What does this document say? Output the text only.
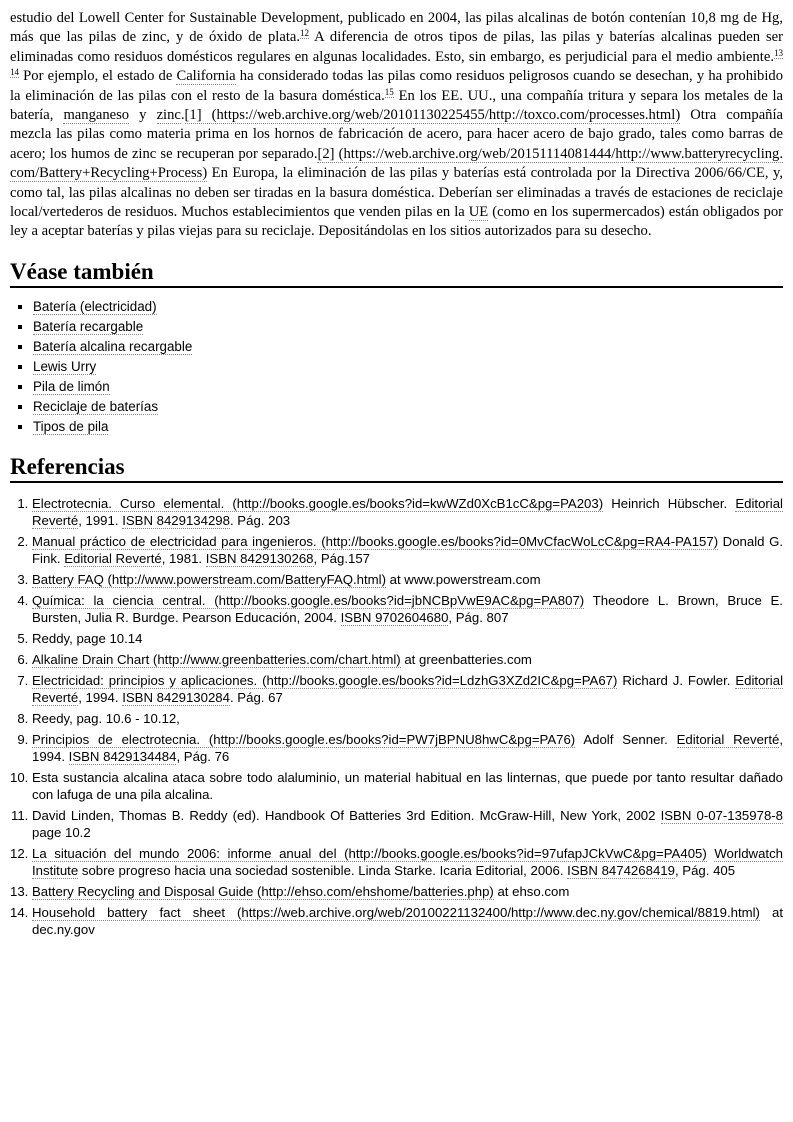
estudio del Lowell Center for Sustainable Development, publicado en 2004, las pilas alcalinas de botón contenían 10,8 mg de Hg, más que las pilas de zinc, y de óxido de plata.$^{12}$ A diferencia de otros tipos de pilas, las pilas y baterías alcalinas pueden ser eliminadas como residuos domésticos regulares en algunas localidades. Esto, sin embargo, es perjudicial para el medio ambiente.$^{13}$ $^{14}$ Por ejemplo, el estado de California ha considerado todas las pilas como residuos peligrosos cuando se desechan, y ha prohibido la eliminación de las pilas con el resto de la basura doméstica.$^{15}$ En los EE. UU., una compañía tritura y separa los metales de la batería, manganeso y zinc.[1] (https://web.archive.org/web/20101130225455/http://toxco.com/processes.html) Otra compañía mezcla las pilas como materia prima en los hornos de fabricación de acero, para hacer acero de bajo grado, tales como barras de acero; los humos de zinc se recuperan por separado.[2] (https://web.archive.org/web/20151114081444/http://www.batteryrecycling.com/Battery+Recycling+Process) En Europa, la eliminación de las pilas y baterías está controlada por la Directiva 2006/66/CE, y, como tal, las pilas alcalinas no deben ser tiradas en la basura doméstica. Deberían ser eliminadas a través de estaciones de reciclaje local/vertederos de residuos. Muchos establecimientos que venden pilas en la UE (como en los supermercados) están obligados por ley a aceptar baterías y pilas viejas para su reciclaje. Depositándolas en los sitios autorizados para su desecho.

Véase también
▪ Batería (electricidad)
▪ Batería recargable
▪ Batería alcalina recargable
▪ Lewis Urry
▪ Pila de limón
▪ Reciclaje de baterías
▪ Tipos de pila
Referencias
1. Electrotecnia. Curso elemental. (http://books.google.es/books?id=kwWZd0XcB1cC&pg=PA203) Heinrich Hübscher. Editorial Reverté, 1991. ISBN 8429134298. Pág. 203
2. Manual práctico de electricidad para ingenieros. (http://books.google.es/books?id=0MvCfacWoLcC&pg=RA4-PA157) Donald G. Fink. Editorial Reverté, 1981. ISBN 8429130268, Pág.157
3. Battery FAQ (http://www.powerstream.com/BatteryFAQ.html) at www.powerstream.com
4. Química: la ciencia central. (http://books.google.es/books?id=jbNCBpVwE9AC&pg=PA807) Theodore L. Brown, Bruce E. Bursten, Julia R. Burdge. Pearson Educación, 2004. ISBN 9702604680, Pág. 807
5. Reddy, page 10.14
6. Alkaline Drain Chart (http://www.greenbatteries.com/chart.html) at greenbatteries.com
7. Electricidad: principios y aplicaciones. (http://books.google.es/books?id=LdzhG3XZd2IC&pg=PA67) Richard J. Fowler. Editorial Reverté, 1994. ISBN 8429130284. Pág. 67
8. Reedy, pag. 10.6 - 10.12,
9. Principios de electrotecnia. (http://books.google.es/books?id=PW7jBPNU8hwC&pg=PA76) Adolf Senner. Editorial Reverté, 1994. ISBN 8429134484, Pág. 76
10. Esta sustancia alcalina ataca sobre todo alaluminio, un material habitual en las linternas, que puede por tanto resultar dañado con lafuga de una pila alcalina.
11. David Linden, Thomas B. Reddy (ed). Handbook Of Batteries 3rd Edition. McGraw-Hill, New York, 2002 ISBN 0-07-135978-8 page 10.2
12. La situación del mundo 2006: informe anual del (http://books.google.es/books?id=97ufapJCkVwC&pg=PA405) Worldwatch Institute sobre progreso hacia una sociedad sostenible. Linda Starke. Icaria Editorial, 2006. ISBN 8474268419, Pág. 405
13. Battery Recycling and Disposal Guide (http://ehso.com/ehshome/batteries.php) at ehso.com
14. Household battery fact sheet (https://web.archive.org/web/20100221132400/http://www.dec.ny.gov/chemical/8819.html) at dec.ny.gov
